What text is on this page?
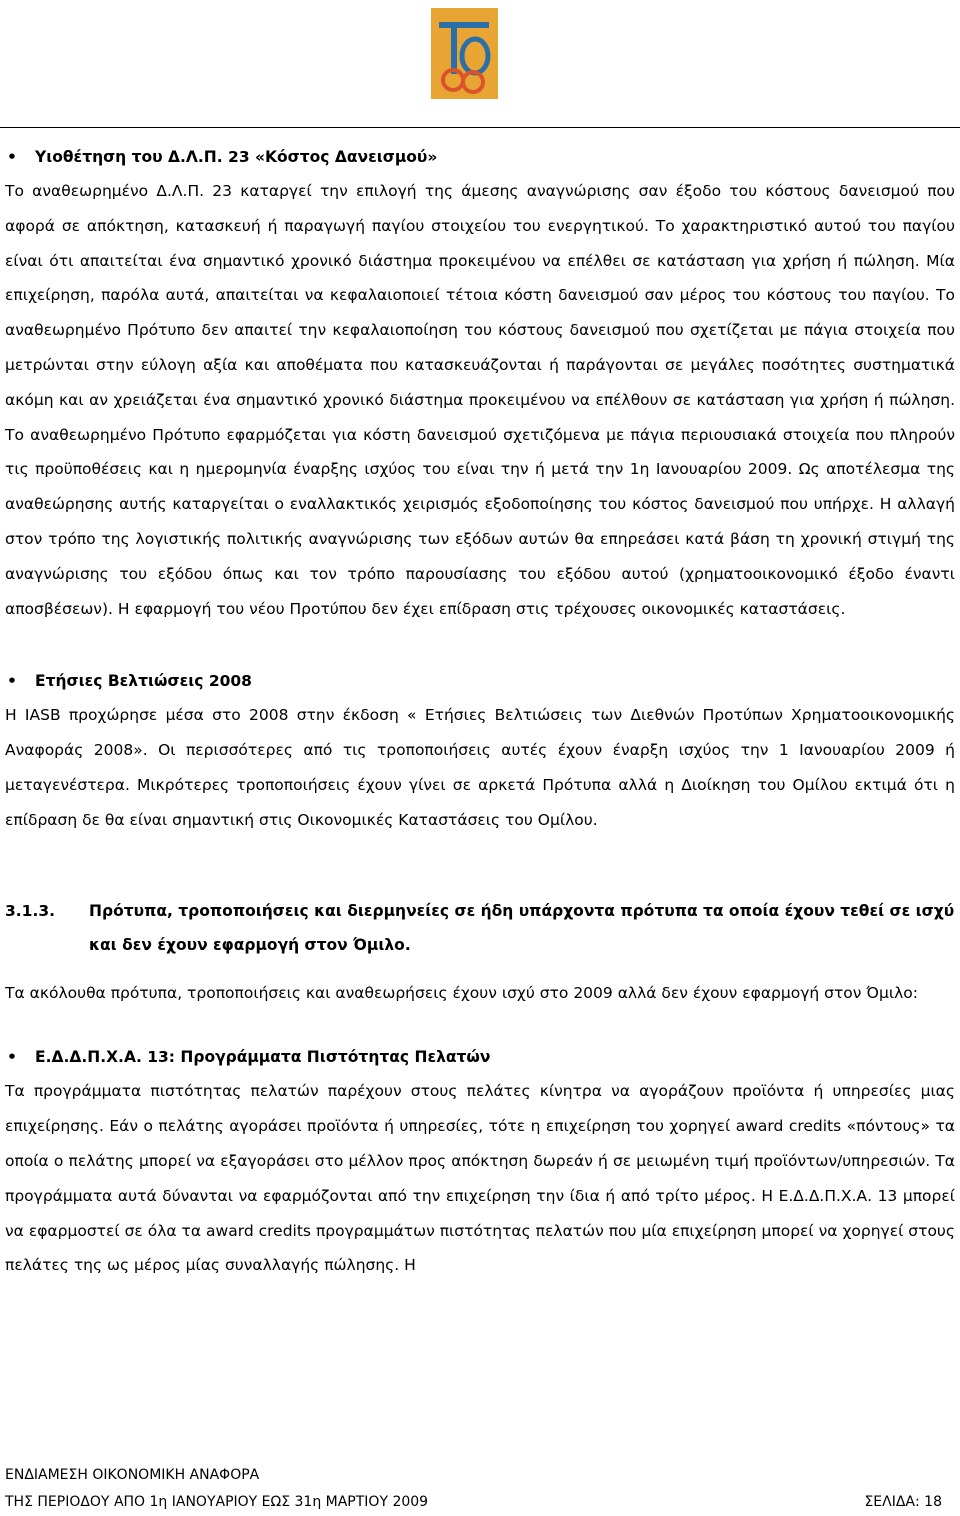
• Υιοθέτηση του Δ.Λ.Π. 23 «Κόστος Δανεισμού»

Το αναθεωρημένο Δ.Λ.Π. 23 καταργεί την επιλογή της άμεσης αναγνώρισης σαν έξοδο του κόστους δανεισμού που αφορά σε απόκτηση, κατασκευή ή παραγωγή παγίου στοιχείου του ενεργητικού. Το χαρακτηριστικό αυτού του παγίου είναι ότι απαιτείται ένα σημαντικό χρονικό διάστημα προκειμένου να επέλθει σε κατάσταση για χρήση ή πώληση. Μία επιχείρηση, παρόλα αυτά, απαιτείται να κεφαλαιοποιεί τέτοια κόστη δανεισμού σαν μέρος του κόστους του παγίου. Το αναθεωρημένο Πρότυπο δεν απαιτεί την κεφαλαιοποίηση του κόστους δανεισμού που σχετίζεται με πάγια στοιχεία που μετρώνται στην εύλογη αξία και αποθέματα που κατασκευάζονται ή παράγονται σε μεγάλες ποσότητες συστηματικά ακόμη και αν χρειάζεται ένα σημαντικό χρονικό διάστημα προκειμένου να επέλθουν σε κατάσταση για χρήση ή πώληση. Το αναθεωρημένο Πρότυπο εφαρμόζεται για κόστη δανεισμού σχετιζόμενα με πάγια περιουσιακά στοιχεία που πληρούν τις προϋποθέσεις και η ημερομηνία έναρξης ισχύος του είναι την ή μετά την 1η Ιανουαρίου 2009. Ως αποτέλεσμα της αναθεώρησης αυτής καταργείται ο εναλλακτικός χειρισμός εξοδοποίησης του κόστος δανεισμού που υπήρχε. Η αλλαγή στον τρόπο της λογιστικής πολιτικής αναγνώρισης των εξόδων αυτών θα επηρεάσει κατά βάση τη χρονική στιγμή της αναγνώρισης του εξόδου όπως και τον τρόπο παρουσίασης του εξόδου αυτού (χρηματοοικονομικό έξοδο έναντι αποσβέσεων). Η εφαρμογή του νέου Προτύπου δεν έχει επίδραση στις τρέχουσες οικονομικές καταστάσεις.

• Ετήσιες Βελτιώσεις 2008

Η IASB προχώρησε μέσα στο 2008 στην έκδοση « Ετήσιες Βελτιώσεις των Διεθνών Προτύπων Χρηματοοικονομικής Αναφοράς 2008». Οι περισσότερες από τις τροποποιήσεις αυτές έχουν έναρξη ισχύος την 1 Ιανουαρίου 2009 ή μεταγενέστερα. Μικρότερες τροποποιήσεις έχουν γίνει σε αρκετά Πρότυπα αλλά η Διοίκηση του Ομίλου εκτιμά ότι η επίδραση δε θα είναι σημαντική στις Οικονομικές Καταστάσεις του Ομίλου.

3.1.3. Πρότυπα, τροποποιήσεις και διερμηνείες σε ήδη υπάρχοντα πρότυπα τα οποία έχουν τεθεί σε ισχύ και δεν έχουν εφαρμογή στον Όμιλο.

Τα ακόλουθα πρότυπα, τροποποιήσεις και αναθεωρήσεις έχουν ισχύ στο 2009 αλλά δεν έχουν εφαρμογή στον Όμιλο:

• Ε.Δ.Δ.Π.Χ.Α. 13: Προγράμματα Πιστότητας Πελατών

Τα προγράμματα πιστότητας πελατών παρέχουν στους πελάτες κίνητρα να αγοράζουν προϊόντα ή υπηρεσίες μιας επιχείρησης. Εάν ο πελάτης αγοράσει προϊόντα ή υπηρεσίες, τότε η επιχείρηση του χορηγεί award credits «πόντους» τα οποία ο πελάτης μπορεί να εξαγοράσει στο μέλλον προς απόκτηση δωρεάν ή σε μειωμένη τιμή προϊόντων/υπηρεσιών. Τα προγράμματα αυτά δύνανται να εφαρμόζονται από την επιχείρηση την ίδια ή από τρίτο μέρος. Η Ε.Δ.Δ.Π.Χ.Α. 13 μπορεί να εφαρμοστεί σε όλα τα award credits προγραμμάτων πιστότητας πελατών που μία επιχείρηση μπορεί να χορηγεί στους πελάτες της ως μέρος μίας συναλλαγής πώλησης. Η

ΕΝΔΙΑΜΕΣΗ ΟΙΚΟΝΟΜΙΚΗ ΑΝΑΦΟΡΑ
ΤΗΣ ΠΕΡΙΟΔΟΥ ΑΠΟ 1η ΙΑΝΟΥΑΡΙΟΥ ΕΩΣ 31η ΜΑΡΤΙΟΥ 2009	ΣΕΛΙΔΑ: 18
